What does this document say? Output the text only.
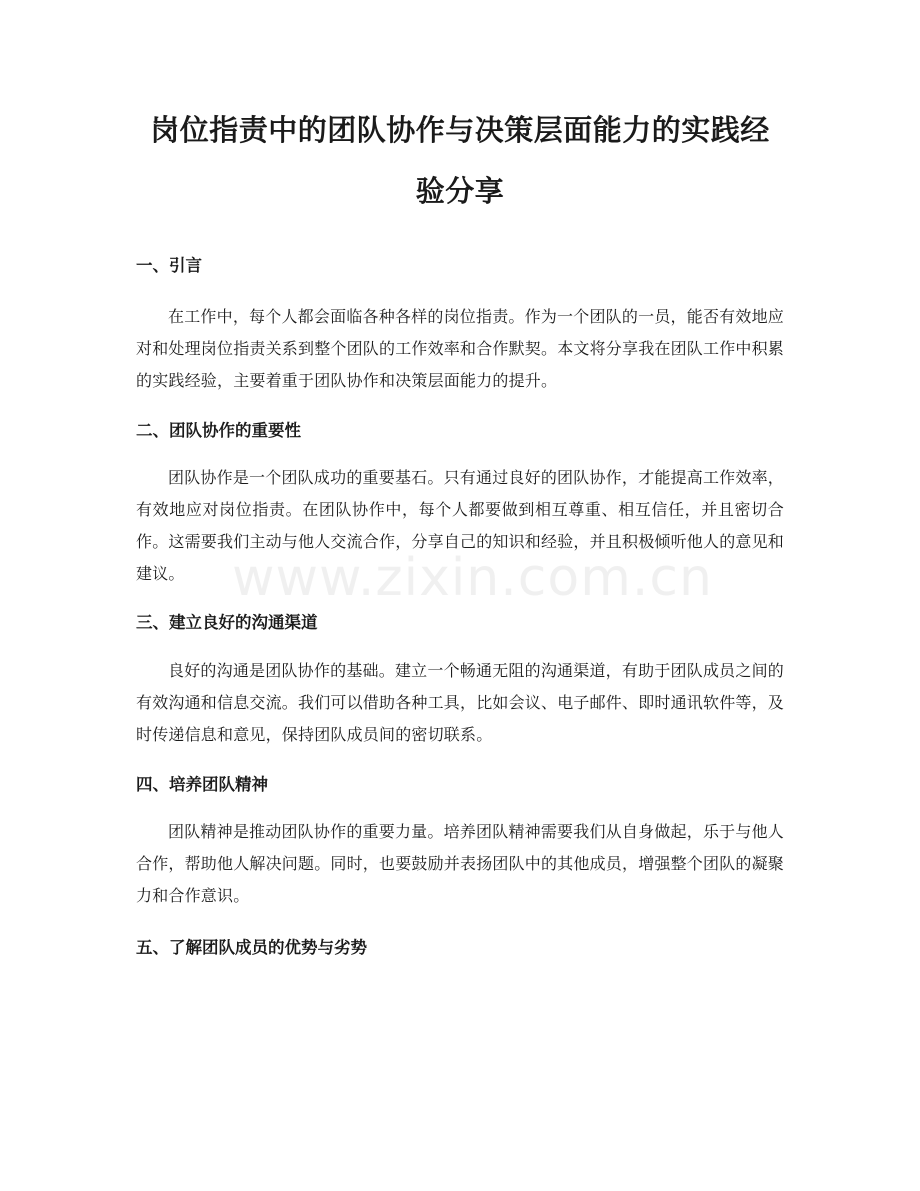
岗位指责中的团队协作与决策层面能力的实践经验分享
一、引言

在工作中，每个人都会面临各种各样的岗位指责。作为一个团队的一员，能否有效地应对和处理岗位指责关系到整个团队的工作效率和合作默契。本文将分享我在团队工作中积累的实践经验，主要着重于团队协作和决策层面能力的提升。

二、团队协作的重要性

团队协作是一个团队成功的重要基石。只有通过良好的团队协作，才能提高工作效率，有效地应对岗位指责。在团队协作中，每个人都要做到相互尊重、相互信任，并且密切合作。这需要我们主动与他人交流合作，分享自己的知识和经验，并且积极倾听他人的意见和建议。

三、建立良好的沟通渠道

良好的沟通是团队协作的基础。建立一个畅通无阻的沟通渠道，有助于团队成员之间的有效沟通和信息交流。我们可以借助各种工具，比如会议、电子邮件、即时通讯软件等，及时传递信息和意见，保持团队成员间的密切联系。

四、培养团队精神

团队精神是推动团队协作的重要力量。培养团队精神需要我们从自身做起，乐于与他人合作，帮助他人解决问题。同时，也要鼓励并表扬团队中的其他成员，增强整个团队的凝聚力和合作意识。

五、了解团队成员的优势与劣势
www.zixin.com.cn
